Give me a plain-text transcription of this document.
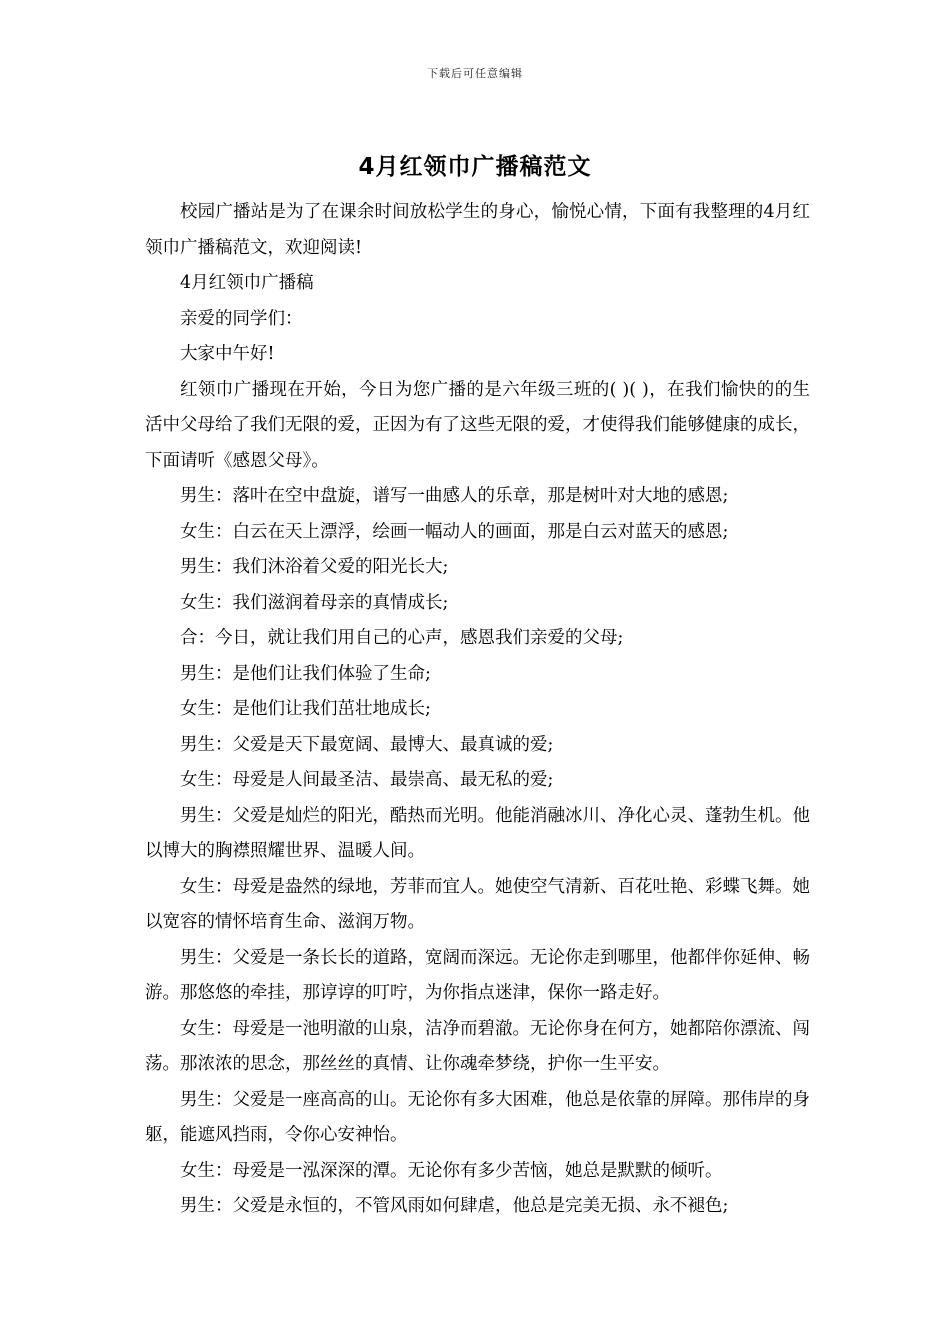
下载后可任意编辑
4月红领巾广播稿范文

校园广播站是为了在课余时间放松学生的身心，愉悦心情，下面有我整理的4月红领巾广播稿范文，欢迎阅读!

4月红领巾广播稿

亲爱的同学们：

大家中午好!

红领巾广播现在开始，今日为您广播的是六年级三班的( )( )，在我们愉快的的生活中父母给了我们无限的爱，正因为有了这些无限的爱，才使得我们能够健康的成长，下面请听《感恩父母》。

男生：落叶在空中盘旋，谱写一曲感人的乐章，那是树叶对大地的感恩;

女生：白云在天上漂浮，绘画一幅动人的画面，那是白云对蓝天的感恩;

男生：我们沐浴着父爱的阳光长大;

女生：我们滋润着母亲的真情成长;

合：今日，就让我们用自己的心声，感恩我们亲爱的父母;

男生：是他们让我们体验了生命;

女生：是他们让我们茁壮地成长;

男生：父爱是天下最宽阔、最博大、最真诚的爱;

女生：母爱是人间最圣洁、最崇高、最无私的爱;

男生：父爱是灿烂的阳光，酷热而光明。他能消融冰川、净化心灵、蓬勃生机。他以博大的胸襟照耀世界、温暖人间。

女生：母爱是盎然的绿地，芳菲而宜人。她使空气清新、百花吐艳、彩蝶飞舞。她以宽容的情怀培育生命、滋润万物。

男生：父爱是一条长长的道路，宽阔而深远。无论你走到哪里，他都伴你延伸、畅游。那悠悠的牵挂，那谆谆的叮咛，为你指点迷津，保你一路走好。

女生：母爱是一池明澈的山泉，洁净而碧澈。无论你身在何方，她都陪你漂流、闯荡。那浓浓的思念，那丝丝的真情、让你魂牵梦绕，护你一生平安。

男生：父爱是一座高高的山。无论你有多大困难，他总是依靠的屏障。那伟岸的身躯，能遮风挡雨，令你心安神怡。

女生：母爱是一泓深深的潭。无论你有多少苦恼，她总是默默的倾听。

男生：父爱是永恒的，不管风雨如何肆虐，他总是完美无损、永不褪色;
